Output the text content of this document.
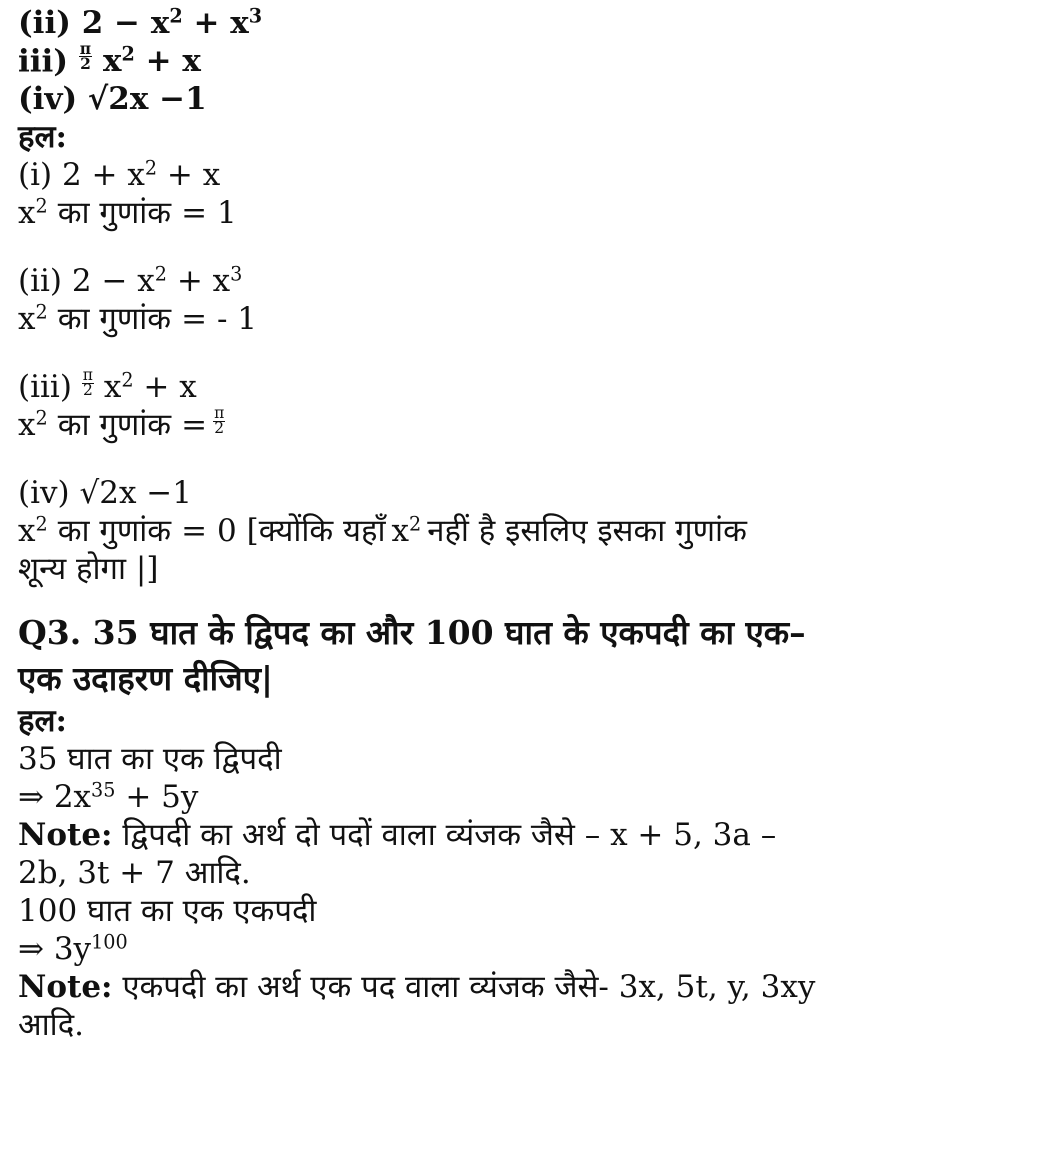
(ii) $2 - x^2 + x^3$
$iii) \frac{\pi}{2} x^2 + x$
(iv) √2x −1
हल:
(i) $2 + x^2 + x$
$x^2$ का गुणांक = 1
(ii) $2 - x^2 + x^3$
$x^2$ का गुणांक = - 1
$(iii) \frac{\pi}{2} x^2 + x$
$x^2$ का गुणांक = $\frac{\pi}{2}$
(iv) √2x −1
$x^2$ का गुणांक = 0 [क्योंकि यहाँ $x^2$ नहीं है इसलिए इसका गुणांक
शून्य होगा |]
Q3. 35 घात के द्विपद का और 100 घात के एकपदी का एक–
एक उदाहरण दीजिए|
हल:
35 घात का एक द्विपदी
⇒ $2x^{35} + 5y$
Note: द्विपदी का अर्थ दो पदों वाला व्यंजक जैसे – x + 5, 3a –
2b, 3t + 7 आदि.
100 घात का एक एकपदी
⇒ $3y^{100}$
Note: एकपदी का अर्थ एक पद वाला व्यंजक जैसे- 3x, 5t, y, 3xy
आदि.
